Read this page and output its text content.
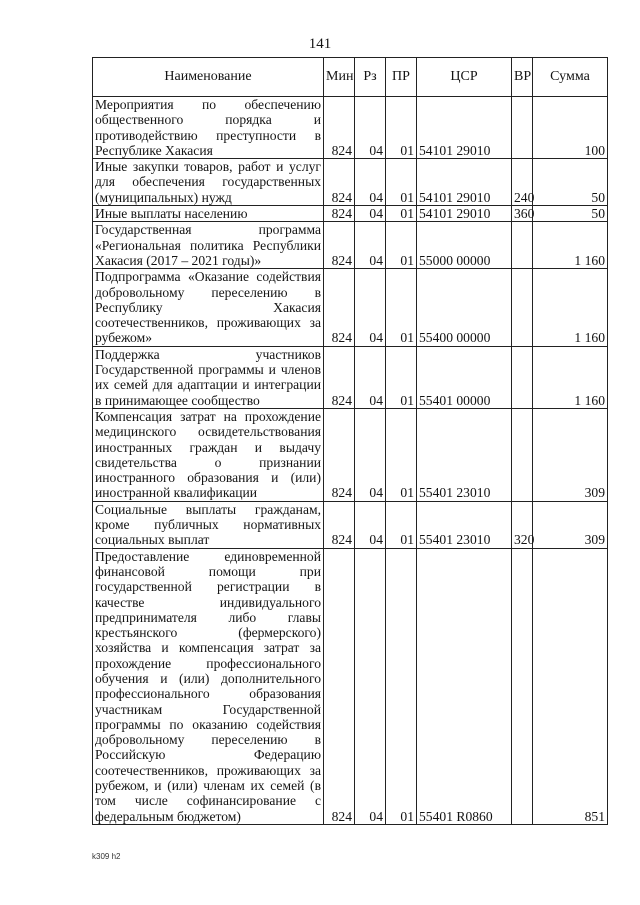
141
Наименование	Мин	Рз	ПР	ЦСР	ВР	Сумма
Мероприятия по обеспечению общественного порядка и противодействию преступности в Республике Хакасия	824	04	01	54101 29010		100
Иные закупки товаров, работ и услуг для обеспечения государственных (муниципальных) нужд	824	04	01	54101 29010	240	50
Иные выплаты населению	824	04	01	54101 29010	360	50
Государственная программа «Региональная политика Республики Хакасия (2017 – 2021 годы)»	824	04	01	55000 00000		1 160
Подпрограмма «Оказание содействия добровольному переселению в Республику Хакасия соотечественников, проживающих за рубежом»	824	04	01	55400 00000		1 160
Поддержка участников Государственной программы и членов их семей для адаптации и интеграции в принимающее сообщество	824	04	01	55401 00000		1 160
Компенсация затрат на прохождение медицинского освидетельствования иностранных граждан и выдачу свидетельства о признании иностранного образования и (или) иностранной квалификации	824	04	01	55401 23010		309
Социальные выплаты гражданам, кроме публичных нормативных социальных выплат	824	04	01	55401 23010	320	309
Предоставление единовременной финансовой помощи при государственной регистрации в качестве индивидуального предпринимателя либо главы крестьянского (фермерского) хозяйства и компенсация затрат за прохождение профессионального обучения и (или) дополнительного профессионального образования участникам Государственной программы по оказанию содействия добровольному переселению в Российскую Федерацию соотечественников, проживающих за рубежом, и (или) членам их семей (в том числе софинансирование с федеральным бюджетом)	824	04	01	55401 R0860		851
k309 h2
